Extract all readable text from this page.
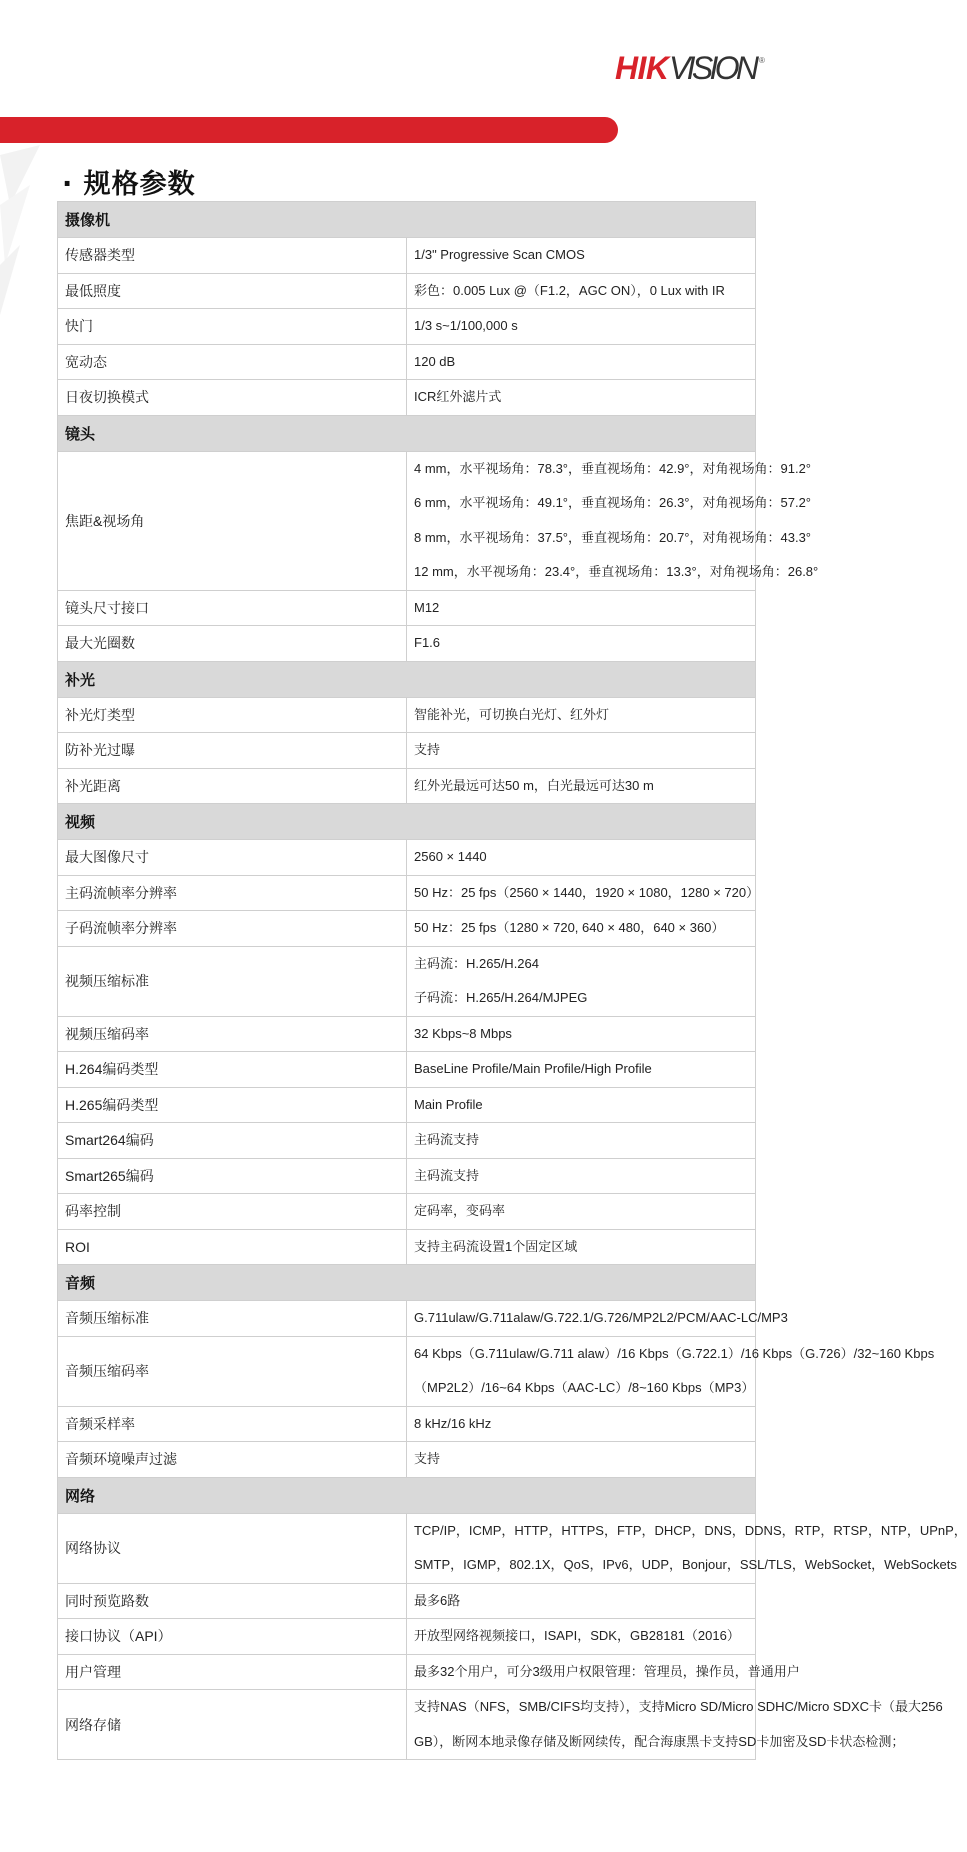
HIK VISION ®
· 规格参数
摄像机	
传感器类型	1/3" Progressive Scan CMOS

最低照度	彩色：0.005 Lux @（F1.2，AGC ON），0 Lux with IR

快门	1/3 s~1/100,000 s

宽动态	120 dB

日夜切换模式	ICR红外滤片式

镜头	
焦距&视场角	4 mm，水平视场角：78.3°，垂直视场角：42.9°，对角视场角：91.2°
6 mm，水平视场角：49.1°，垂直视场角：26.3°，对角视场角：57.2°
8 mm，水平视场角：37.5°，垂直视场角：20.7°，对角视场角：43.3°
12 mm，水平视场角：23.4°，垂直视场角：13.3°，对角视场角：26.8°

镜头尺寸接口	M12

最大光圈数	F1.6

补光	
补光灯类型	智能补光，可切换白光灯、红外灯

防补光过曝	支持

补光距离	红外光最远可达50 m，白光最远可达30 m

视频	
最大图像尺寸	2560 × 1440

主码流帧率分辨率	50 Hz：25 fps（2560 × 1440，1920 × 1080，1280 × 720）

子码流帧率分辨率	50 Hz：25 fps（1280 × 720, 640 × 480，640 × 360）

视频压缩标准	主码流：H.265/H.264
子码流：H.265/H.264/MJPEG

视频压缩码率	32 Kbps~8 Mbps

H.264编码类型	BaseLine Profile/Main Profile/High Profile

H.265编码类型	Main Profile

Smart264编码	主码流支持

Smart265编码	主码流支持

码率控制	定码率，变码率

ROI	支持主码流设置1个固定区域

音频	
音频压缩标准	G.711ulaw/G.711alaw/G.722.1/G.726/MP2L2/PCM/AAC-LC/MP3

音频压缩码率	64 Kbps（G.711ulaw/G.711 alaw）/16 Kbps（G.722.1）/16 Kbps（G.726）/32~160 Kbps
（MP2L2）/16~64 Kbps（AAC-LC）/8~160 Kbps（MP3）

音频采样率	8 kHz/16 kHz

音频环境噪声过滤	支持

网络	
网络协议	TCP/IP，ICMP，HTTP，HTTPS，FTP，DHCP，DNS，DDNS，RTP，RTSP，NTP，UPnP，
SMTP，IGMP，802.1X，QoS，IPv6，UDP，Bonjour，SSL/TLS，WebSocket，WebSockets

同时预览路数	最多6路

接口协议（API）	开放型网络视频接口，ISAPI，SDK，GB28181（2016）

用户管理	最多32个用户，可分3级用户权限管理：管理员，操作员，普通用户

网络存储	支持NAS（NFS，SMB/CIFS均支持），支持Micro SD/Micro SDHC/Micro SDXC卡（最大256
GB），断网本地录像存储及断网续传，配合海康黑卡支持SD卡加密及SD卡状态检测；
